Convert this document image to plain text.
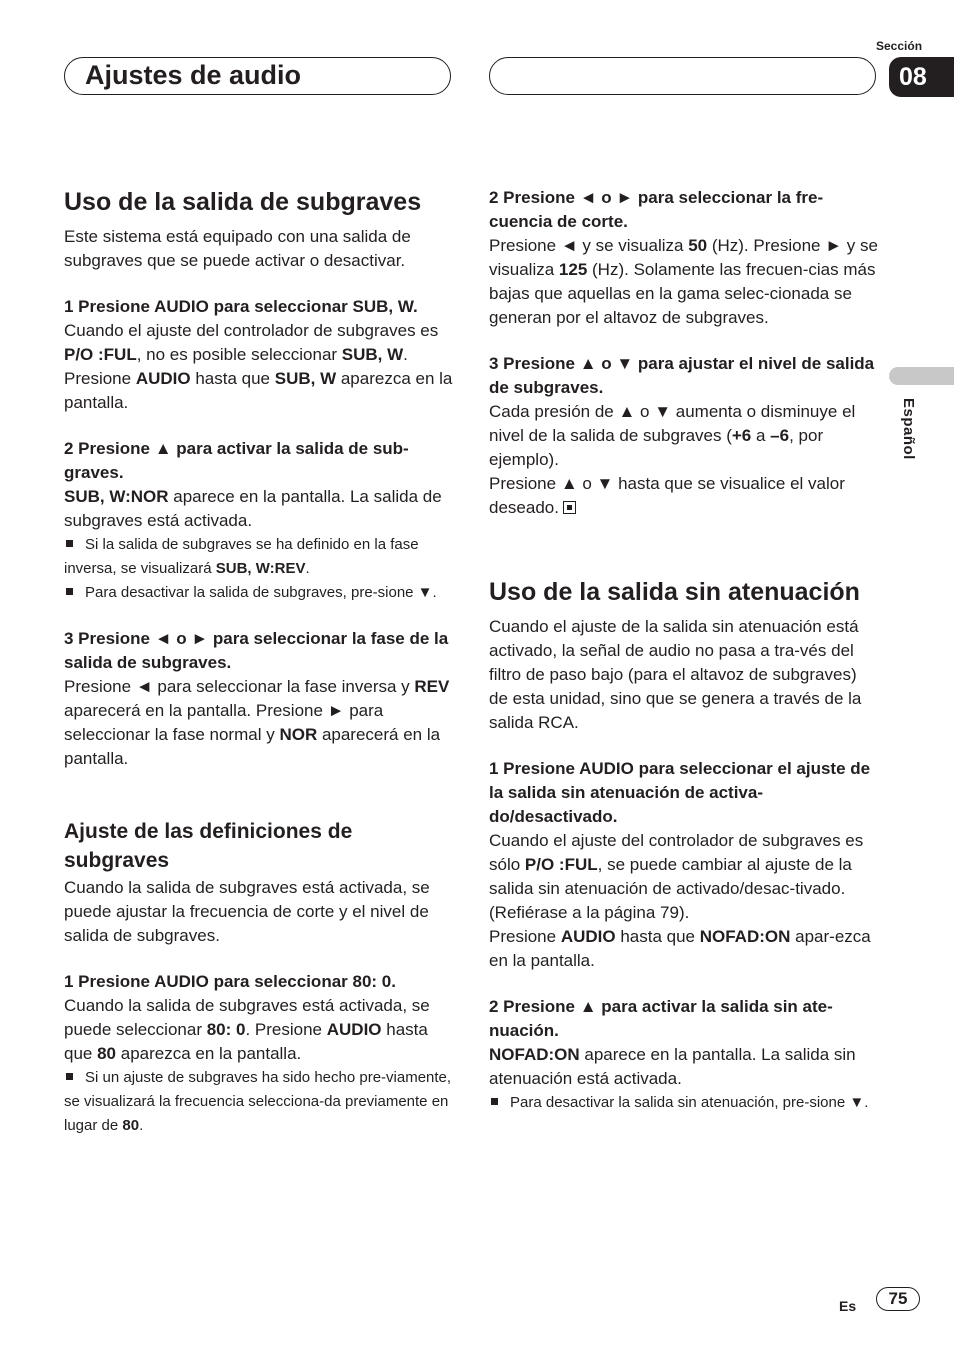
Ajustes de audio
Sección
08
Español
Uso de la salida de subgraves

Este sistema está equipado con una salida de subgraves que se puede activar o desactivar.

1 Presione AUDIO para seleccionar SUB, W.

Cuando el ajuste del controlador de subgraves es P/O :FUL, no es posible seleccionar SUB, W. Presione AUDIO hasta que SUB, W aparezca en la pantalla.

2 Presione ▲ para activar la salida de sub-graves.

SUB, W:NOR aparece en la pantalla. La salida de subgraves está activada.

Si la salida de subgraves se ha definido en la fase inversa, se visualizará SUB, W:REV.

Para desactivar la salida de subgraves, pre-sione ▼.

3 Presione ◄ o ► para seleccionar la fase de la salida de subgraves.

Presione ◄ para seleccionar la fase inversa y REV aparecerá en la pantalla. Presione ► para seleccionar la fase normal y NOR aparecerá en la pantalla.

Ajuste de las definiciones de subgraves

Cuando la salida de subgraves está activada, se puede ajustar la frecuencia de corte y el nivel de salida de subgraves.

1 Presione AUDIO para seleccionar 80: 0.

Cuando la salida de subgraves está activada, se puede seleccionar 80: 0. Presione AUDIO hasta que 80 aparezca en la pantalla.

Si un ajuste de subgraves ha sido hecho pre-viamente, se visualizará la frecuencia selecciona-da previamente en lugar de 80.

2 Presione ◄ o ► para seleccionar la fre-cuencia de corte.

Presione ◄ y se visualiza 50 (Hz). Presione ► y se visualiza 125 (Hz). Solamente las frecuen-cias más bajas que aquellas en la gama selec-cionada se generan por el altavoz de subgraves.

3 Presione ▲ o ▼ para ajustar el nivel de salida de subgraves.

Cada presión de ▲ o ▼ aumenta o disminuye el nivel de la salida de subgraves (+6 a –6, por ejemplo).

Presione ▲ o ▼ hasta que se visualice el valor deseado.

Uso de la salida sin atenuación

Cuando el ajuste de la salida sin atenuación está activado, la señal de audio no pasa a tra-vés del filtro de paso bajo (para el altavoz de subgraves) de esta unidad, sino que se genera a través de la salida RCA.

1 Presione AUDIO para seleccionar el ajuste de la salida sin atenuación de activa-do/desactivado.

Cuando el ajuste del controlador de subgraves es sólo P/O :FUL, se puede cambiar al ajuste de la salida sin atenuación de activado/desac-tivado. (Refiérase a la página 79).

Presione AUDIO hasta que NOFAD:ON apar-ezca en la pantalla.

2 Presione ▲ para activar la salida sin ate-nuación.

NOFAD:ON aparece en la pantalla. La salida sin atenuación está activada.

Para desactivar la salida sin atenuación, pre-sione ▼.

Es	75
